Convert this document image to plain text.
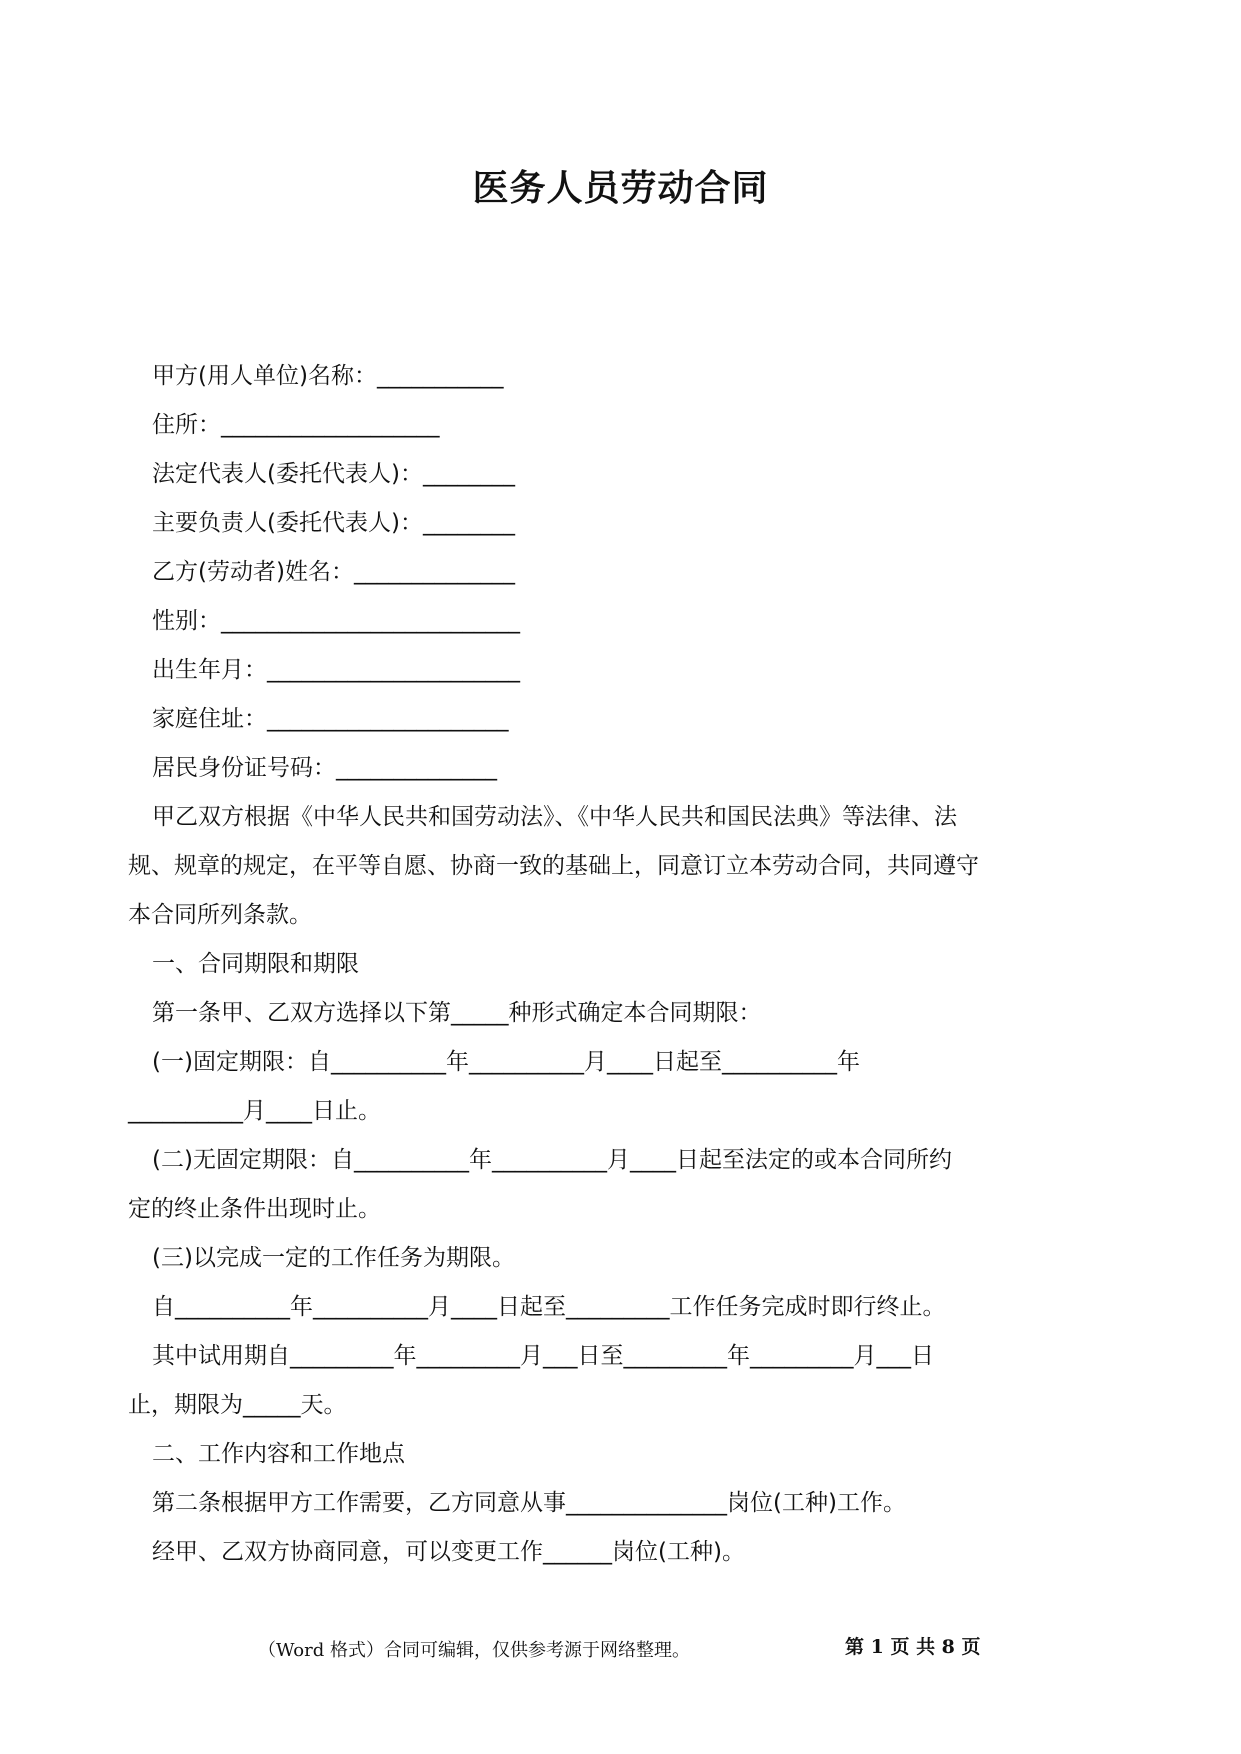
医务人员劳动合同

甲方(用人单位)名称：___________

住所：___________________

法定代表人(委托代表人)：________

主要负责人(委托代表人)：________

乙方(劳动者)姓名：______________

性别：__________________________

出生年月：______________________

家庭住址：_____________________

居民身份证号码：______________

甲乙双方根据《中华人民共和国劳动法》、《中华人民共和国民法典》等法律、法规、规章的规定，在平等自愿、协商一致的基础上，同意订立本劳动合同，共同遵守本合同所列条款。

一、合同期限和期限

第一条甲、乙双方选择以下第_____种形式确定本合同期限：

(一)固定期限：自__________年__________月____日起至__________年__________月____日止。

(二)无固定期限：自__________年__________月____日起至法定的或本合同所约定的终止条件出现时止。

(三)以完成一定的工作任务为期限。

自__________年__________月____日起至_________工作任务完成时即行终止。

其中试用期自_________年_________月___日至_________年_________月___日止，期限为_____天。

二、工作内容和工作地点

第二条根据甲方工作需要，乙方同意从事______________岗位(工种)工作。

经甲、乙双方协商同意，可以变更工作______岗位(工种)。

（Word 格式）合同可编辑，仅供参考源于网络整理。	第 1 页 共 8 页
